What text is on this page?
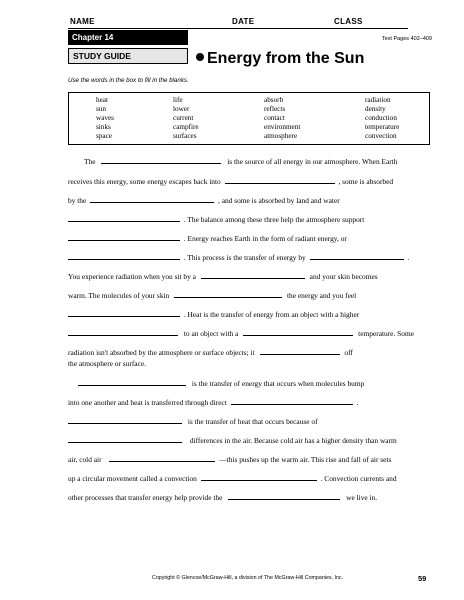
NAME	DATE	CLASS
Chapter 14
STUDY GUIDE
Text Pages 402–409
Energy from the Sun
Use the words in the box to fill in the blanks.
heat
sun
waves
sinks
space
life
lower
current
campfire
surfaces
absorb
reflects
contact
environment
atmosphere
radiation
density
conduction
temperature
convection
The	is the source of all energy in our atmosphere. When Earth
receives this energy, some energy escapes back into	, some is absorbed
by the	, and some is absorbed by land and water
. The balance among these three help the atmosphere support
. Energy reaches Earth in the form of radiant energy, or
. This process is the transfer of energy by	.
You experience radiation when you sit by a	and your skin becomes
warm. The molecules of your skin	the energy and you feel
. Heat is the transfer of energy from an object with a higher
to an object with a	temperature. Some
radiation isn't absorbed by the atmosphere or surface objects; it	off
the atmosphere or surface.
is the transfer of energy that occurs when molecules bump
into one another and heat is transferred through direct	.
is the transfer of heat that occurs because of
differences in the air. Because cold air has a higher density than warm
air, cold air	—this pushes up the warm air. This rise and fall of air sets
up a circular movement called a convection	. Convection currents and
other processes that transfer energy help provide the	we live in.
Copyright © Glencoe/McGraw-Hill, a division of The McGraw-Hill Companies, Inc.	59
